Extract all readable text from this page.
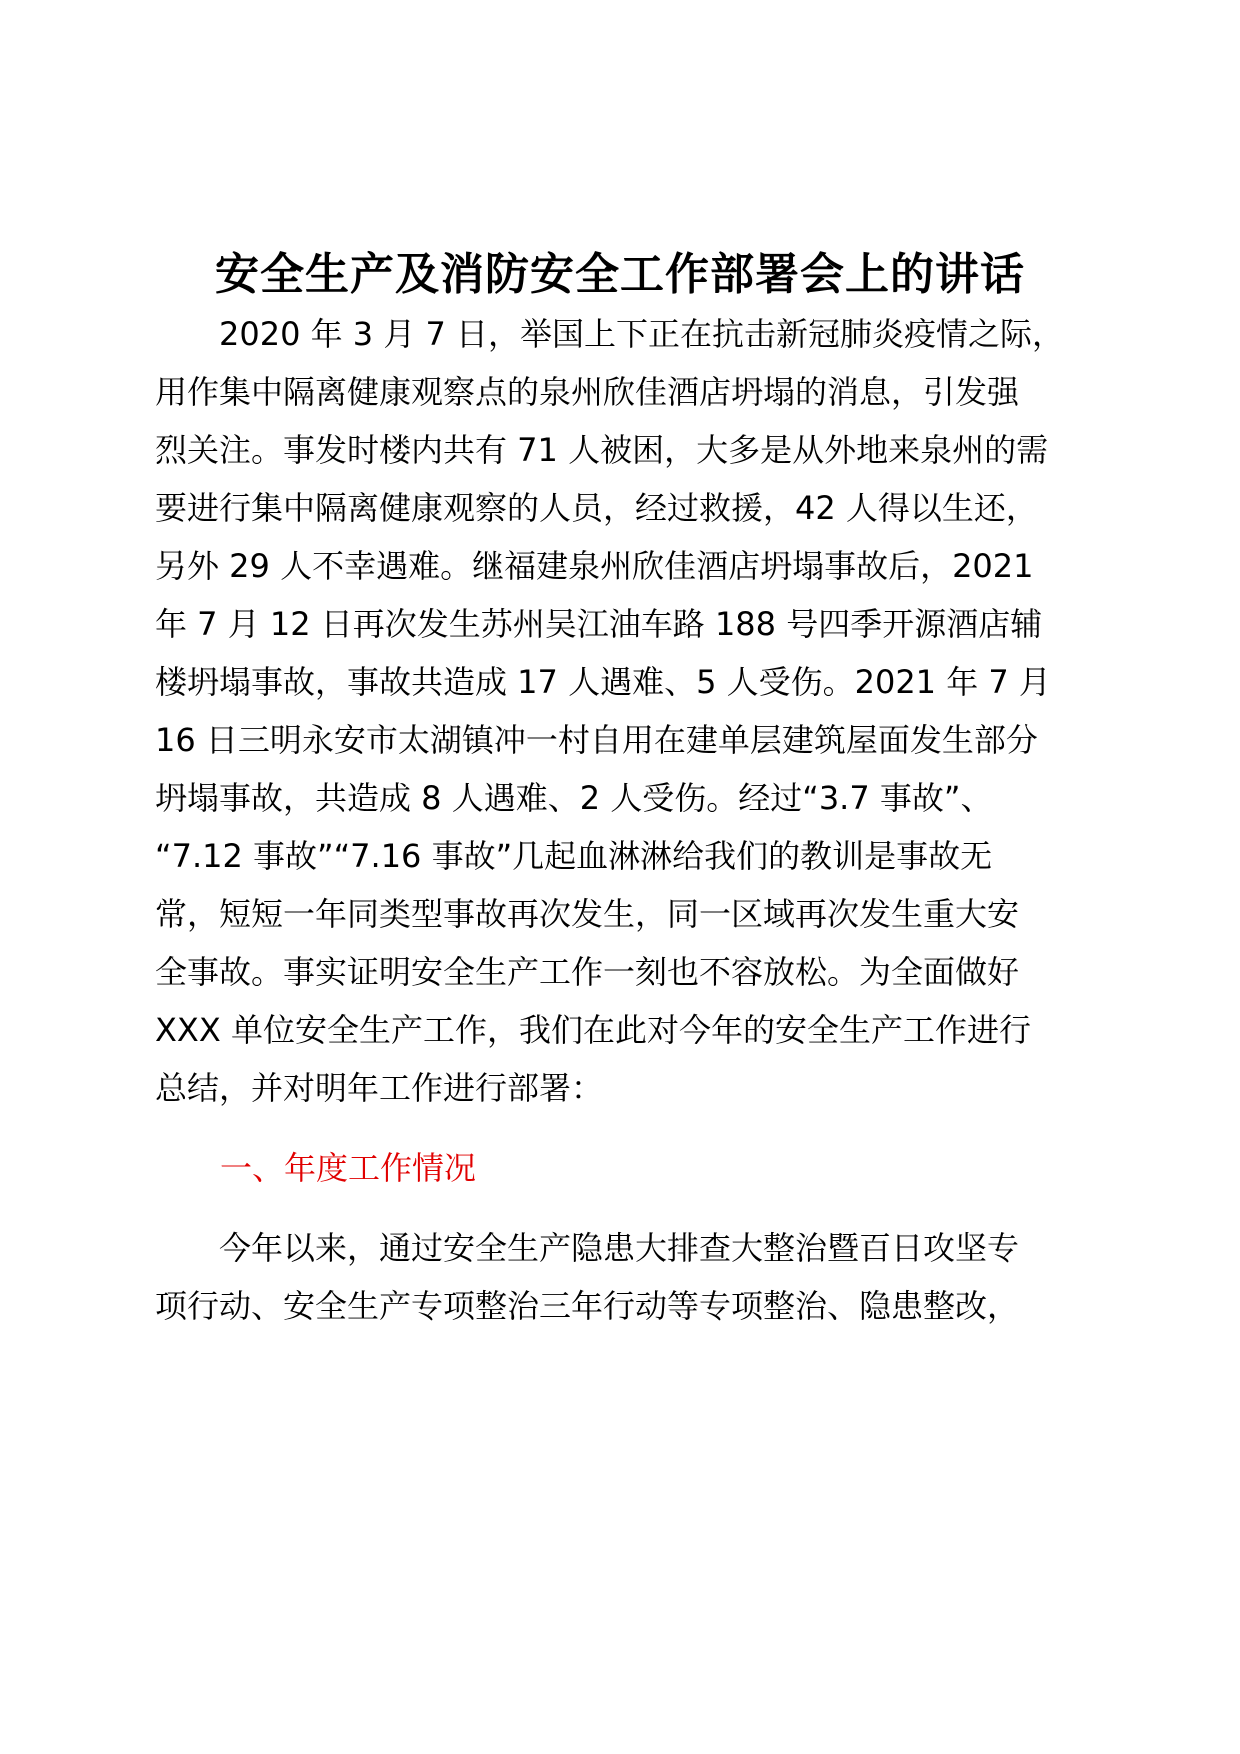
安全生产及消防安全工作部署会上的讲话
　　2020 年 3 月 7 日，举国上下正在抗击新冠肺炎疫情之际，
用作集中隔离健康观察点的泉州欣佳酒店坍塌的消息，引发强
烈关注。事发时楼内共有 71 人被困，大多是从外地来泉州的需
要进行集中隔离健康观察的人员，经过救援，42 人得以生还，
另外 29 人不幸遇难。继福建泉州欣佳酒店坍塌事故后，2021
年 7 月 12 日再次发生苏州吴江油车路 188 号四季开源酒店辅
楼坍塌事故，事故共造成 17 人遇难、5 人受伤。2021 年 7 月
16 日三明永安市太湖镇冲一村自用在建单层建筑屋面发生部分
坍塌事故，共造成 8 人遇难、2 人受伤。经过“3.7 事故”、
“7.12 事故”“7.16 事故”几起血淋淋给我们的教训是事故无
常，短短一年同类型事故再次发生，同一区域再次发生重大安
全事故。事实证明安全生产工作一刻也不容放松。为全面做好
XXX 单位安全生产工作，我们在此对今年的安全生产工作进行
总结，并对明年工作进行部署：
一、年度工作情况
　　今年以来，通过安全生产隐患大排查大整治暨百日攻坚专
项行动、安全生产专项整治三年行动等专项整治、隐患整改，
